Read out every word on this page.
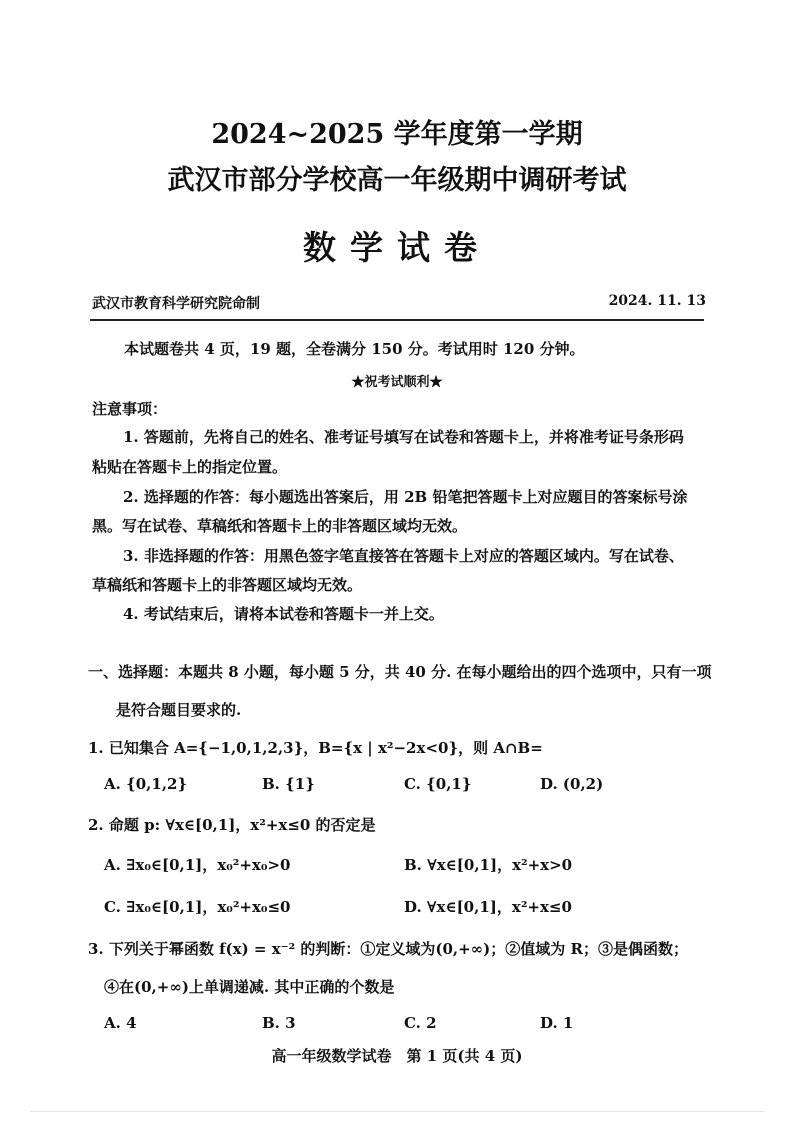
2024~2025 学年度第一学期
武汉市部分学校高一年级期中调研考试
数学试卷
武汉市教育科学研究院命制	2024. 11. 13
本试题卷共 4 页，19 题，全卷满分 150 分。考试用时 120 分钟。
★祝考试顺利★
注意事项：
1. 答题前，先将自己的姓名、准考证号填写在试卷和答题卡上，并将准考证号条形码
粘贴在答题卡上的指定位置。
2. 选择题的作答：每小题选出答案后，用 2B 铅笔把答题卡上对应题目的答案标号涂
黑。写在试卷、草稿纸和答题卡上的非答题区域均无效。
3. 非选择题的作答：用黑色签字笔直接答在答题卡上对应的答题区域内。写在试卷、
草稿纸和答题卡上的非答题区域均无效。
4. 考试结束后，请将本试卷和答题卡一并上交。
一、选择题：本题共 8 小题，每小题 5 分，共 40 分. 在每小题给出的四个选项中，只有一项
是符合题目要求的.
1. 已知集合 A={−1,0,1,2,3}，B={x | x²−2x<0}，则 A∩B=
A. {0,1,2}	B. {1}	C. {0,1}	D. (0,2)
2. 命题 p: ∀x∈[0,1]，x²+x≤0 的否定是
A. ∃x₀∈[0,1]，x₀²+x₀>0	B. ∀x∈[0,1]，x²+x>0
C. ∃x₀∈[0,1]，x₀²+x₀≤0	D. ∀x∈[0,1]，x²+x≤0
3. 下列关于幂函数 f(x) = x⁻² 的判断：①定义域为(0,+∞)；②值域为 R；③是偶函数；
④在(0,+∞)上单调递减. 其中正确的个数是
A. 4	B. 3	C. 2	D. 1
高一年级数学试卷　第 1 页(共 4 页)
